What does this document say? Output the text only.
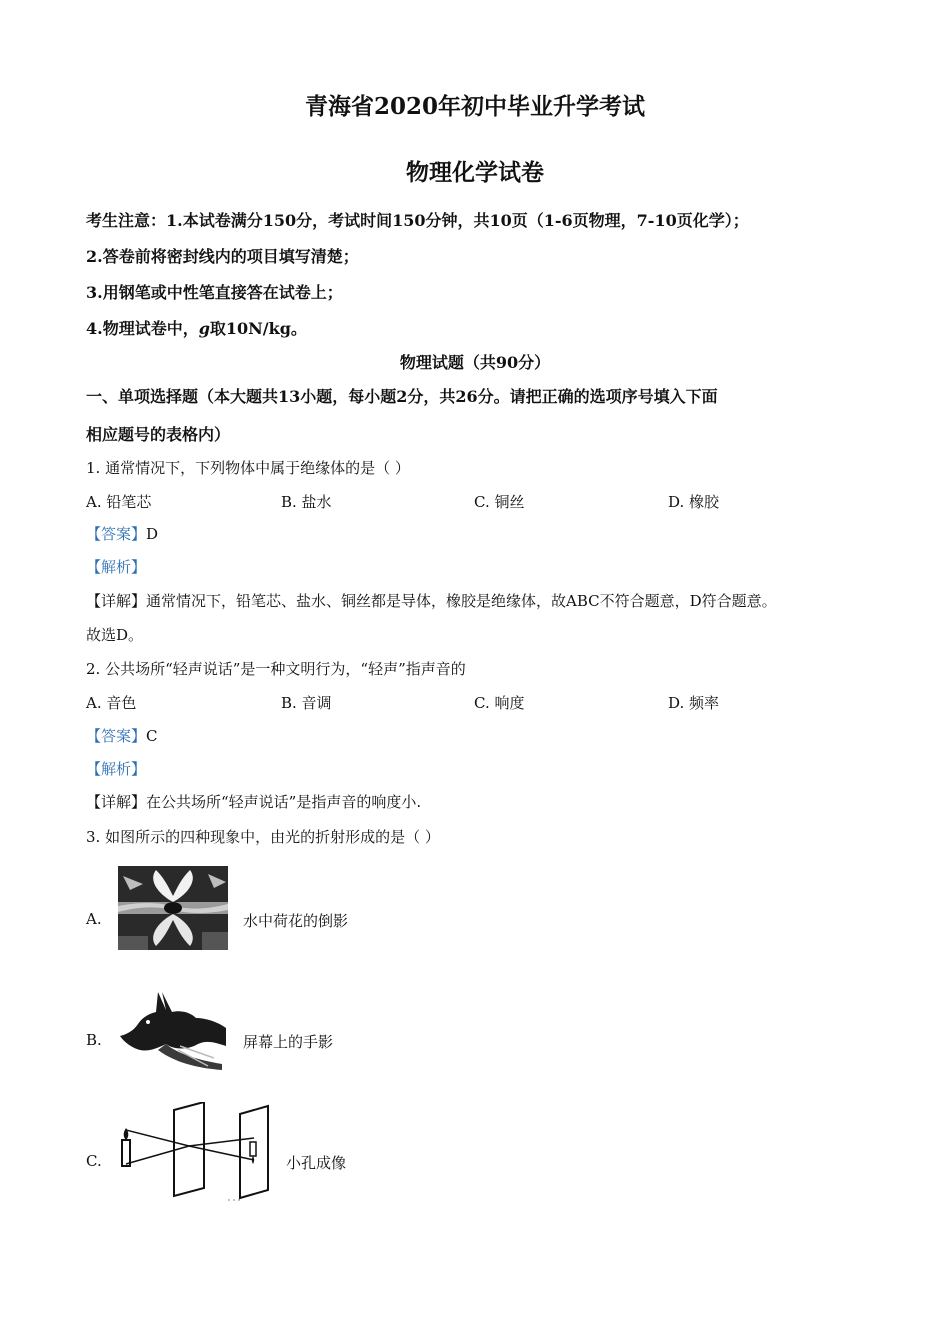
青海省2020年初中毕业升学考试
物理化学试卷
考生注意：1.本试卷满分150分，考试时间150分钟，共10页（1-6页物理，7-10页化学）；
2.答卷前将密封线内的项目填写清楚；
3.用钢笔或中性笔直接答在试卷上；
4.物理试卷中，g取10N/kg。
物理试题（共90分）
一、单项选择题（本大题共13小题，每小题2分，共26分。请把正确的选项序号填入下面
相应题号的表格内）
1. 通常情况下，下列物体中属于绝缘体的是（ ）
A. 铅笔芯	B. 盐水	C. 铜丝	D. 橡胶
【答案】D
【解析】
【详解】通常情况下，铅笔芯、盐水、铜丝都是导体，橡胶是绝缘体，故ABC不符合题意，D符合题意。
故选D。
2. 公共场所“轻声说话”是一种文明行为，“轻声”指声音的
A. 音色	B. 音调	C. 响度	D. 频率
【答案】C
【解析】
【详解】在公共场所“轻声说话”是指声音的响度小.
3. 如图所示的四种现象中，由光的折射形成的是（ ）
A.	水中荷花的倒影
B.	屏幕上的手影
C.	小孔成像
